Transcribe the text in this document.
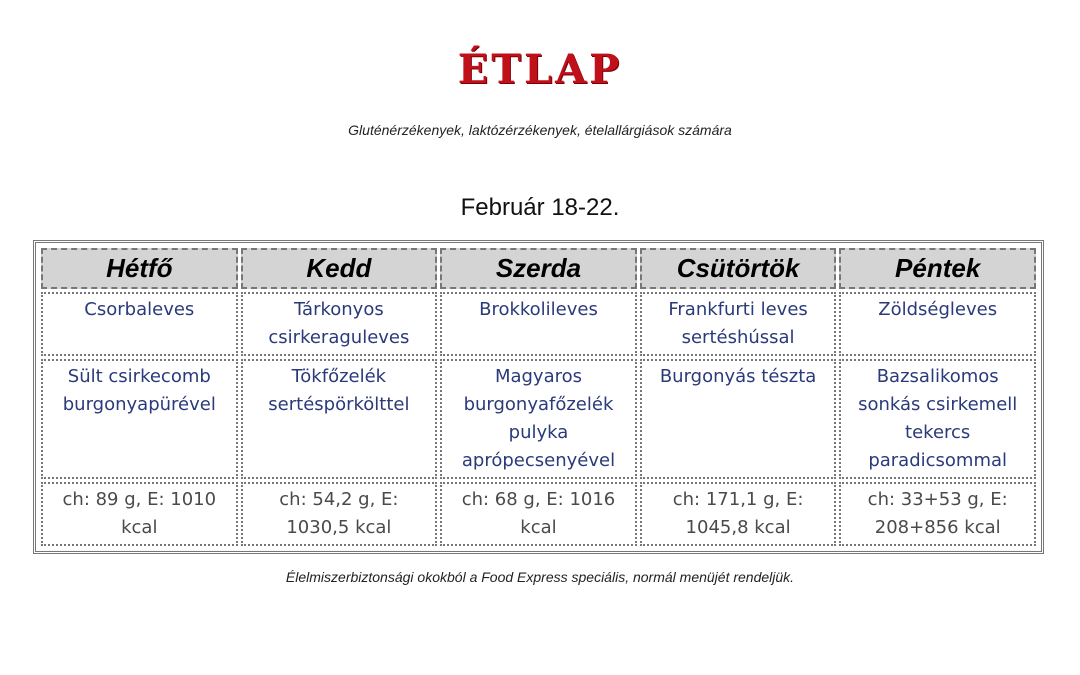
ÉTLAP
Gluténérzékenyek, laktózérzékenyek, ételallárgiások számára
Február 18-22.
Hétfő	Kedd	Szerda	Csütörtök	Péntek
Csorbaleves	Tárkonyos csirkeraguleves	Brokkolileves	Frankfurti leves sertéshússal	Zöldségleves
Sült csirkecomb burgonyapürével	Tökfőzelék sertéspörkölttel	Magyaros burgonyafőzelék pulyka aprópecsenyével	Burgonyás tészta	Bazsalikomos sonkás csirkemell tekercs paradicsommal
ch: 89 g, E: 1010 kcal	ch: 54,2 g, E: 1030,5 kcal	ch: 68 g, E: 1016 kcal	ch: 171,1 g, E: 1045,8 kcal	ch: 33+53 g, E: 208+856 kcal
Élelmiszerbiztonsági okokból a Food Express speciális, normál menüjét rendeljük.
